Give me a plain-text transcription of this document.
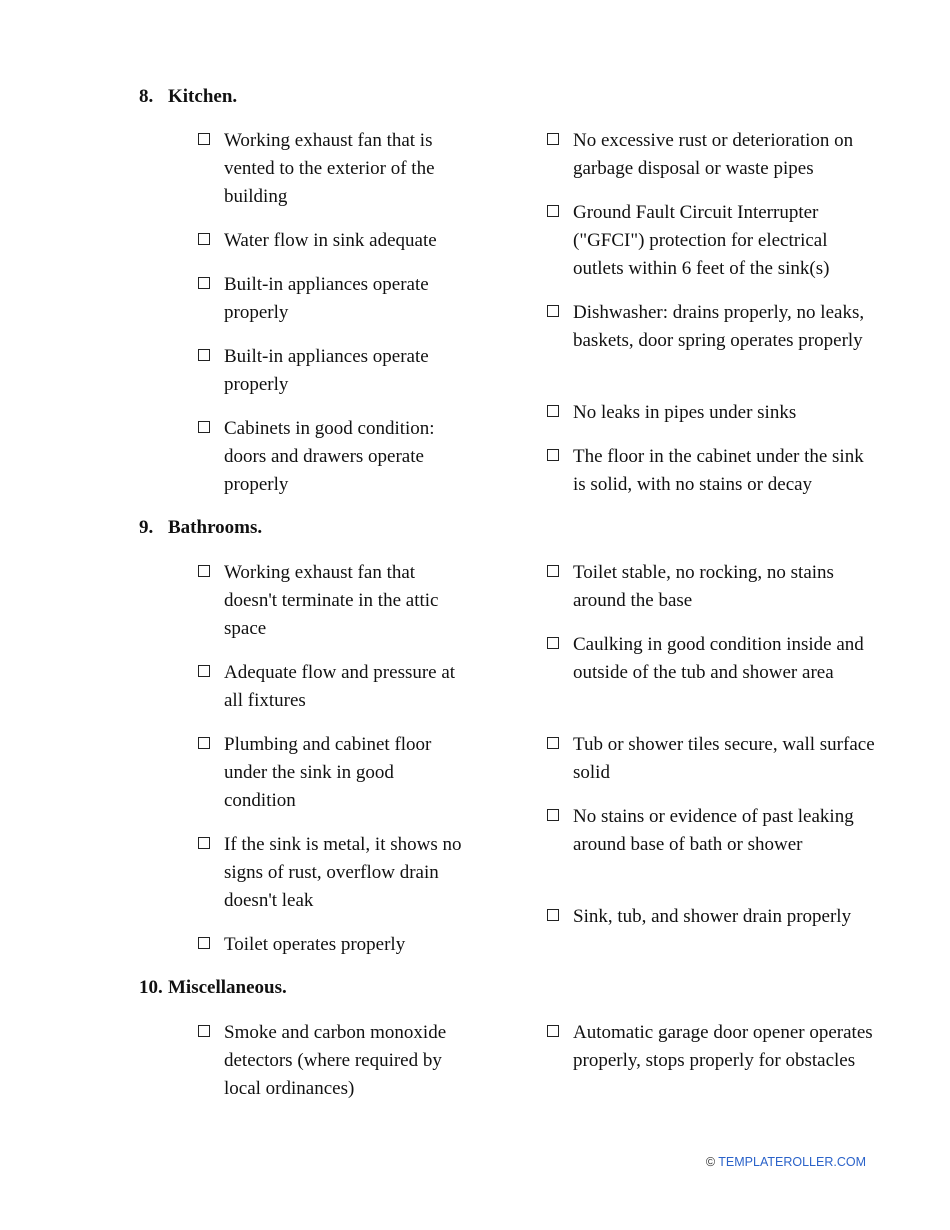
8. Kitchen.
Working exhaust fan that is vented to the exterior of the building
Water flow in sink adequate
Built-in appliances operate properly
Built-in appliances operate properly
Cabinets in good condition: doors and drawers operate properly
No excessive rust or deterioration on garbage disposal or waste pipes
Ground Fault Circuit Interrupter ("GFCI") protection for electrical outlets within 6 feet of the sink(s)
Dishwasher: drains properly, no leaks, baskets, door spring operates properly
No leaks in pipes under sinks
The floor in the cabinet under the sink is solid, with no stains or decay
9. Bathrooms.
Working exhaust fan that doesn't terminate in the attic space
Adequate flow and pressure at all fixtures
Plumbing and cabinet floor under the sink in good condition
If the sink is metal, it shows no signs of rust, overflow drain doesn't leak
Toilet operates properly
Toilet stable, no rocking, no stains around the base
Caulking in good condition inside and outside of the tub and shower area
Tub or shower tiles secure, wall surface solid
No stains or evidence of past leaking around base of bath or shower
Sink, tub, and shower drain properly
10. Miscellaneous.
Smoke and carbon monoxide detectors (where required by local ordinances)
Automatic garage door opener operates properly, stops properly for obstacles
© TEMPLATEROLLER.COM
